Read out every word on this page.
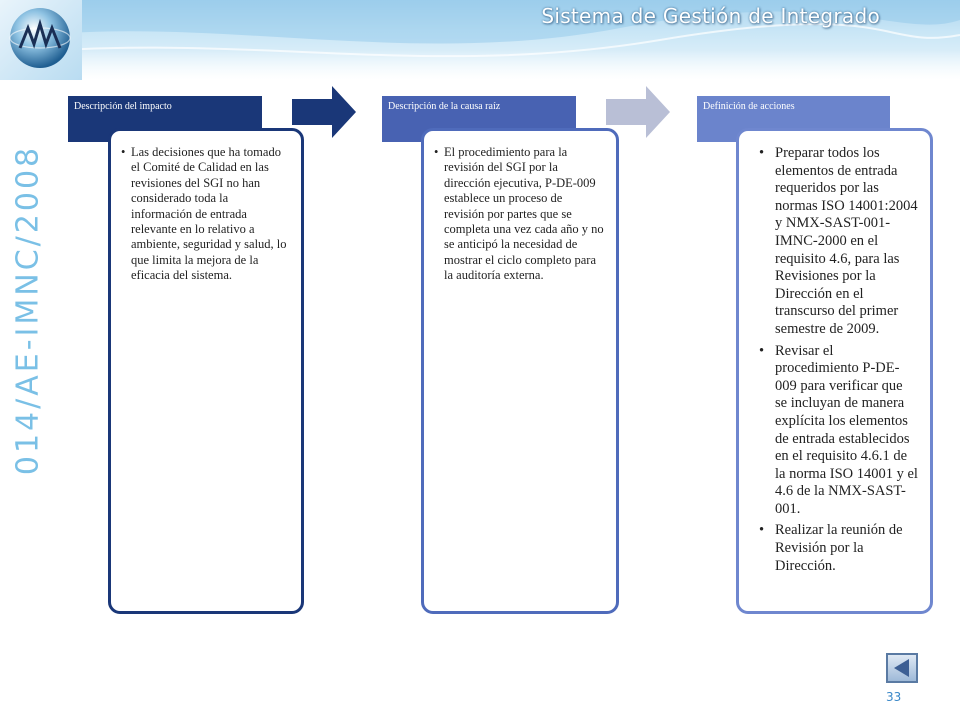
Sistema de Gestión de Integrado
014/AE-IMNC/2008
Descripción del impacto
• Las decisiones que ha tomado el Comité de Calidad en las revisiones del SGI no han considerado toda la información de entrada relevante en lo relativo a ambiente, seguridad y salud, lo que limita la mejora de la eficacia del sistema.
Descripción de la causa raíz
• El procedimiento para la revisión del SGI por la dirección ejecutiva, P-DE-009 establece un proceso de revisión por partes que se completa una vez cada año y no se anticipó la necesidad de mostrar el ciclo completo para la auditoría externa.
Definición de acciones
• Preparar todos los elementos de entrada requeridos por las normas ISO 14001:2004 y NMX-SAST-001-IMNC-2000 en el requisito 4.6, para las Revisiones por la Dirección en el transcurso del primer semestre de 2009.
• Revisar el procedimiento P-DE-009 para verificar que se incluyan de manera explícita los elementos de entrada establecidos en el requisito 4.6.1 de la norma ISO 14001 y el 4.6 de la NMX-SAST-001.
• Realizar la reunión de Revisión por la Dirección.
33
